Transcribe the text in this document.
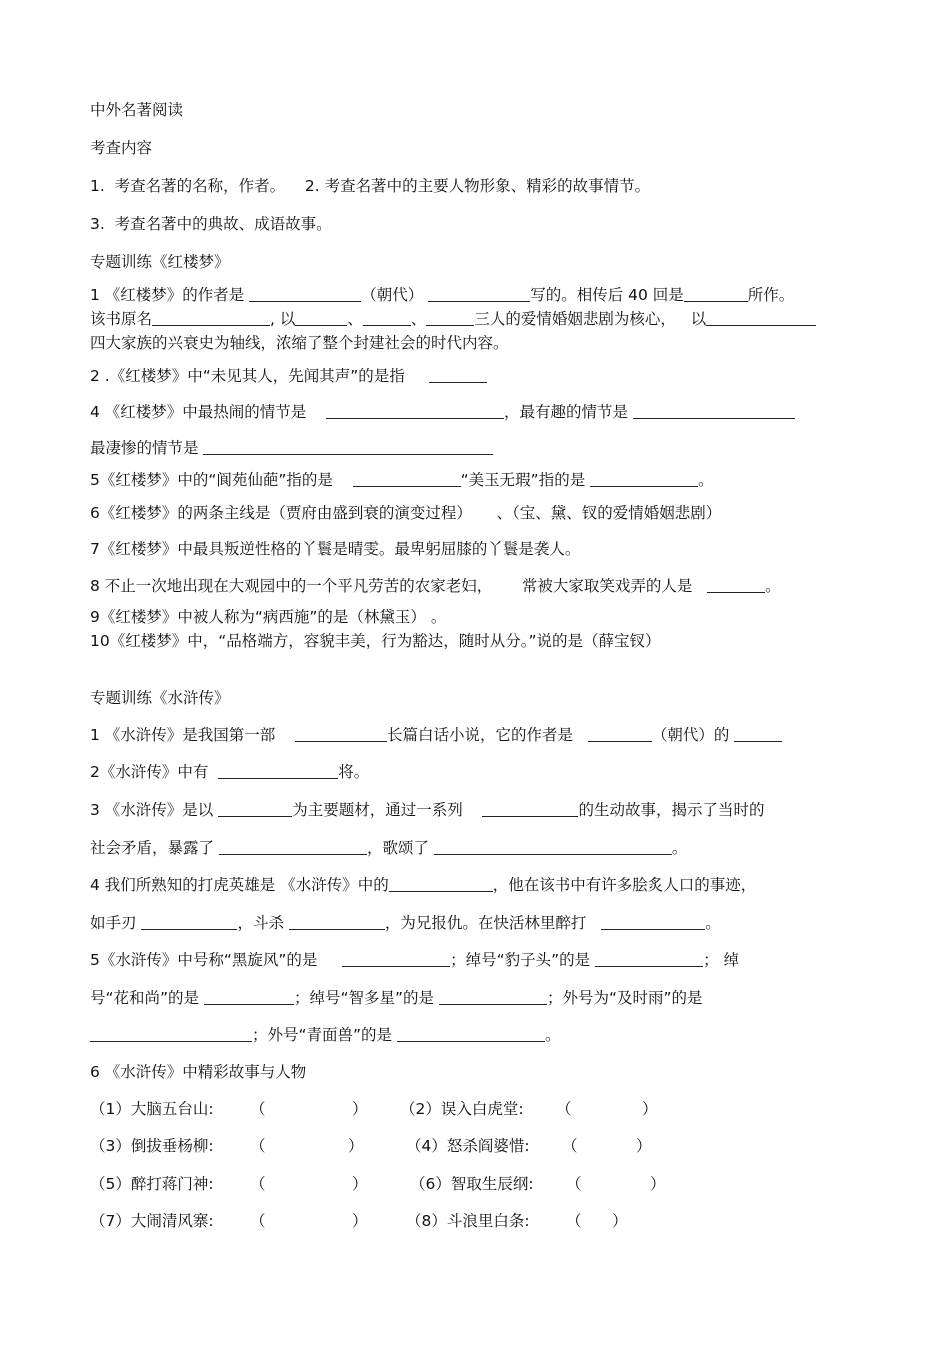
中外名著阅读
考查内容
1. 考查名著的名称，作者。 2. 考查名著中的主要人物形象、精彩的故事情节。
3. 考查名著中的典故、成语故事。
专题训练《红楼梦》
1 《红楼梦》的作者是	（朝代）	写的。相传后 40 回是	所作。
该书原名	, 以	、	、	三人的爱情婚姻悲剧为核心， 以
四大家族的兴衰史为轴线，浓缩了整个封建社会的时代内容。
2 .《红楼梦》中“未见其人，先闻其声”的是指
4 《红楼梦》中最热闹的情节是	，最有趣的情节是
最凄惨的情节是
5《红楼梦》中的“阆苑仙葩”指的是	“美玉无瑕”指的是	。
6《红楼梦》的两条主线是（贾府由盛到衰的演变过程） 、（宝、黛、钗的爱情婚姻悲剧）
7《红楼梦》中最具叛逆性格的丫鬟是晴雯。最卑躬屈膝的丫鬟是袭人。
8 不止一次地出现在大观园中的一个平凡劳苦的农家老妇， 常被大家取笑戏弄的人是	。
9《红楼梦》中被人称为“病西施”的是（林黛玉） 。
10《红楼梦》中，“品格端方，容貌丰美，行为豁达，随时从分。”说的是（薛宝钗）
专题训练《水浒传》
1 《水浒传》是我国第一部	长篇白话小说，它的作者是	（朝代）的
2《水浒传》中有	将。
3 《水浒传》是以	为主要题材，通过一系列	的生动故事，揭示了当时的
社会矛盾，暴露了	，歌颂了	。
4 我们所熟知的打虎英雄是 《水浒传》中的	，他在该书中有许多脍炙人口的事迹，
如手刃	，斗杀	，为兄报仇。在快活林里醉打	。
5《水浒传》中号称“黑旋风”的是	；绰号“豹子头”的是	； 绰
号“花和尚”的是	；绰号“智多星”的是	；外号为“及时雨”的是
；外号“青面兽”的是	。
6 《水浒传》中精彩故事与人物
（1）大脑五台山: （	） （2）误入白虎堂: （	）
（3）倒拔垂杨柳: （	）	（4）怒杀阎婆惜: （	）
（5）醉打蒋门神: （	）	（6）智取生辰纲: （	）
（7）大闹清风寨: （	） （8）斗浪里白条: （ ）
